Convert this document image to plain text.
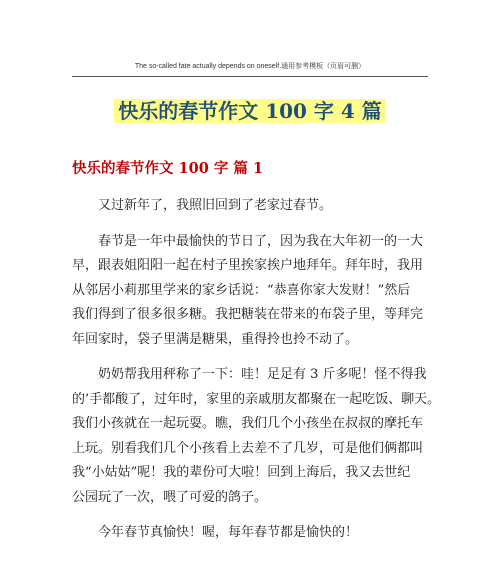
The so-called fate actually depends on oneself.通用参考模板（页眉可删）
快乐的春节作文 100 字 4 篇
快乐的春节作文 100 字 篇 1
又过新年了，我照旧回到了老家过春节。
春节是一年中最愉快的节日了，因为我在大年初一的一大
早，跟表姐阳阳一起在村子里挨家挨户地拜年。拜年时，我用
从邻居小莉那里学来的家乡话说：“恭喜你家大发财！”然后
我们得到了很多很多糖。我把糖装在带来的布袋子里，等拜完
年回家时，袋子里满是糖果，重得拎也拎不动了。
奶奶帮我用秤称了一下：哇！足足有 3 斤多呢！怪不得我
的’手都酸了，过年时，家里的亲戚朋友都聚在一起吃饭、聊天。
我们小孩就在一起玩耍。瞧，我们几个小孩坐在叔叔的摩托车
上玩。别看我们几个小孩看上去差不了几岁，可是他们俩都叫
我“小姑姑”呢！我的辈份可大啦！回到上海后，我又去世纪
公园玩了一次，喂了可爱的鸽子。
今年春节真愉快！喔，每年春节都是愉快的！
